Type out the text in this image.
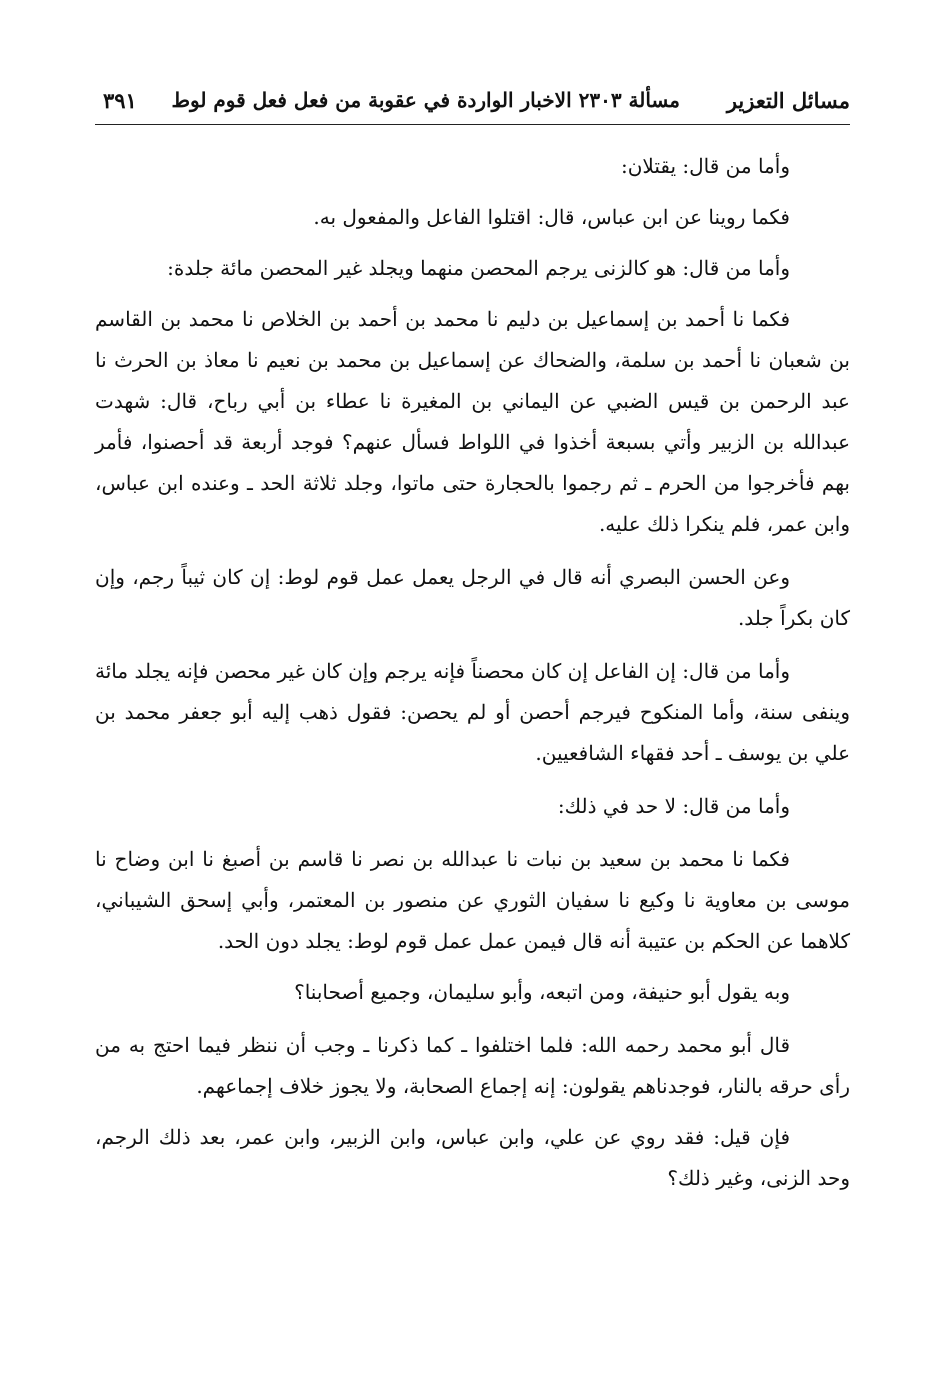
مسائل التعزير
مسألة ٢٣٠٣ الاخبار الواردة في عقوبة من فعل فعل قوم لوط
٣٩١

وأما من قال: يقتلان:

فكما روينا عن ابن عباس، قال: اقتلوا الفاعل والمفعول به.

وأما من قال: هو كالزنى يرجم المحصن منهما ويجلد غير المحصن مائة جلدة:

فكما نا أحمد بن إسماعيل بن دليم نا محمد بن أحمد بن الخلاص نا محمد بن القاسم بن شعبان نا أحمد بن سلمة، والضحاك عن إسماعيل بن محمد بن نعيم نا معاذ بن الحرث نا عبد الرحمن بن قيس الضبي عن اليماني بن المغيرة نا عطاء بن أبي رباح، قال: شهدت عبدالله بن الزبير وأتي بسبعة أخذوا في اللواط فسأل عنهم؟ فوجد أربعة قد أحصنوا، فأمر بهم فأخرجوا من الحرم ـ ثم رجموا بالحجارة حتى ماتوا، وجلد ثلاثة الحد ـ وعنده ابن عباس، وابن عمر، فلم ينكرا ذلك عليه.

وعن الحسن البصري أنه قال في الرجل يعمل عمل قوم لوط: إن كان ثيباً رجم، وإن كان بكراً جلد.

وأما من قال: إن الفاعل إن كان محصناً فإنه يرجم وإن كان غير محصن فإنه يجلد مائة وينفى سنة، وأما المنكوح فيرجم أحصن أو لم يحصن: فقول ذهب إليه أبو جعفر محمد بن علي بن يوسف ـ أحد فقهاء الشافعيين.

وأما من قال: لا حد في ذلك:

فكما نا محمد بن سعيد بن نبات نا عبدالله بن نصر نا قاسم بن أصبغ نا ابن وضاح نا موسى بن معاوية نا وكيع نا سفيان الثوري عن منصور بن المعتمر، وأبي إسحق الشيباني، كلاهما عن الحكم بن عتيبة أنه قال فيمن عمل عمل قوم لوط: يجلد دون الحد.

وبه يقول أبو حنيفة، ومن اتبعه، وأبو سليمان، وجميع أصحابنا؟

قال أبو محمد رحمه الله: فلما اختلفوا ـ كما ذكرنا ـ وجب أن ننظر فيما احتج به من رأى حرقه بالنار، فوجدناهم يقولون: إنه إجماع الصحابة، ولا يجوز خلاف إجماعهم.

فإن قيل: فقد روي عن علي، وابن عباس، وابن الزبير، وابن عمر، بعد ذلك الرجم، وحد الزنى، وغير ذلك؟
